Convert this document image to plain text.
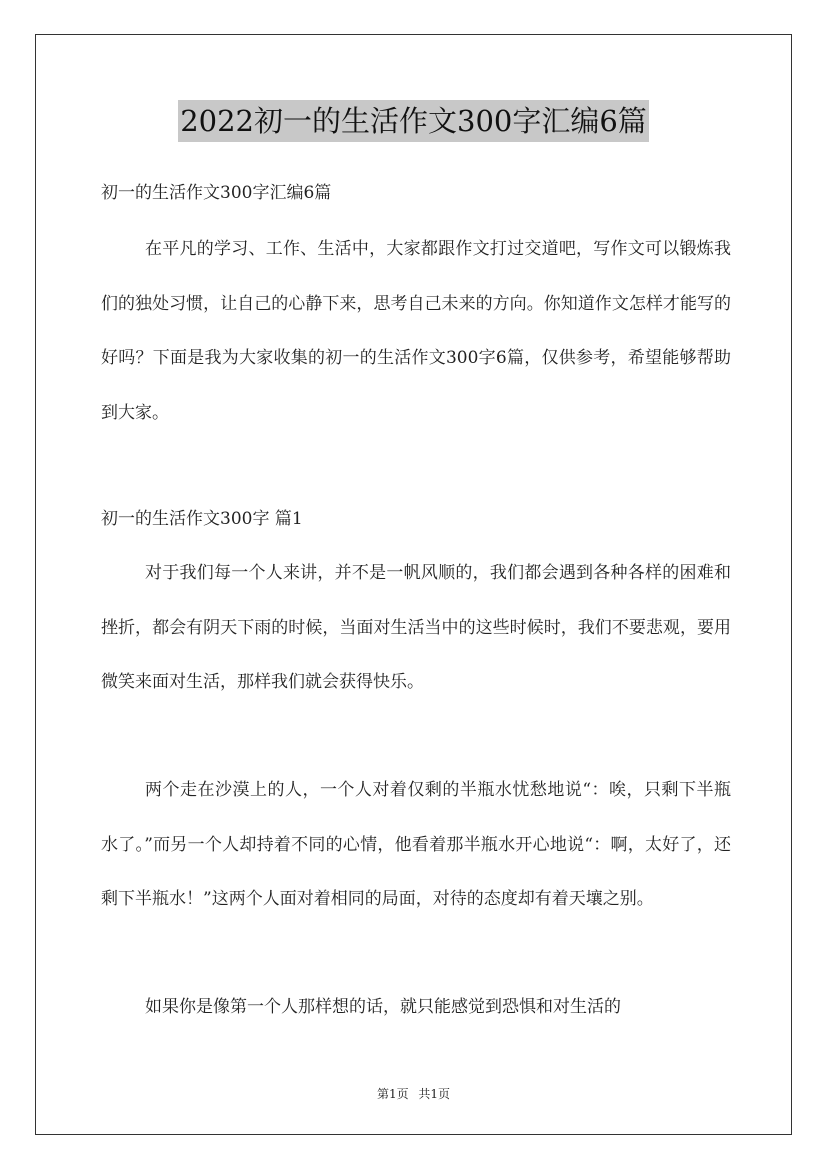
2022初一的生活作文300字汇编6篇
初一的生活作文300字汇编6篇

在平凡的学习、工作、生活中，大家都跟作文打过交道吧，写作文可以锻炼我们的独处习惯，让自己的心静下来，思考自己未来的方向。你知道作文怎样才能写的好吗？下面是我为大家收集的初一的生活作文300字6篇，仅供参考，希望能够帮助到大家。

初一的生活作文300字 篇1

对于我们每一个人来讲，并不是一帆风顺的，我们都会遇到各种各样的困难和挫折，都会有阴天下雨的时候，当面对生活当中的这些时候时，我们不要悲观，要用微笑来面对生活，那样我们就会获得快乐。

两个走在沙漠上的人，一个人对着仅剩的半瓶水忧愁地说“：唉，只剩下半瓶水了。”而另一个人却持着不同的心情，他看着那半瓶水开心地说“：啊，太好了，还剩下半瓶水！”这两个人面对着相同的局面，对待的态度却有着天壤之别。

如果你是像第一个人那样想的话，就只能感觉到恐惧和对生活的

第1页 共1页
